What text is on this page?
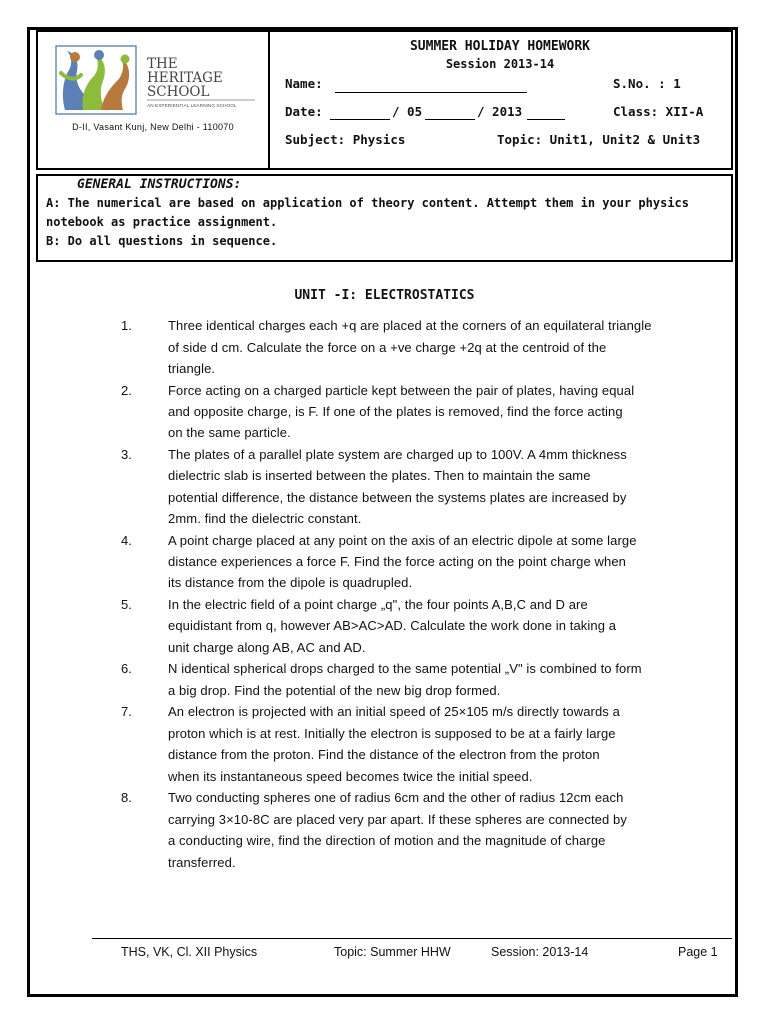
THE
HERITAGE
SCHOOL
AN EXPERIENTIAL LEARNING SCHOOL
D-II, Vasant Kunj, New Delhi - 110070
SUMMER HOLIDAY HOMEWORK
Session 2013-14
Name:	S.No. : 1
Date:	/ 05	/ 2013	Class: XII-A
Subject: Physics	Topic: Unit1, Unit2 & Unit3
GENERAL INSTRUCTIONS:
A: The numerical are based on application of theory content. Attempt them in your physics
notebook as practice assignment.
B: Do all questions in sequence.
UNIT -I: ELECTROSTATICS
1.	Three identical charges each +q are placed at the corners of an equilateral triangle
of side d cm. Calculate the force on a +ve charge +2q at the centroid of the
triangle.
2.	Force acting on a charged particle kept between the pair of plates, having equal
and opposite charge, is F. If one of the plates is removed, find the force acting
on the same particle.
3.	The plates of a parallel plate system are charged up to 100V. A 4mm thickness
dielectric slab is inserted between the plates. Then to maintain the same
potential difference, the distance between the systems plates are increased by
2mm. find the dielectric constant.
4.	A point charge placed at any point on the axis of an electric dipole at some large
distance experiences a force F. Find the force acting on the point charge when
its distance from the dipole is quadrupled.
5.	In the electric field of a point charge „q", the four points A,B,C and D are
equidistant from q, however AB>AC>AD. Calculate the work done in taking a
unit charge along AB, AC and AD.
6.	N identical spherical drops charged to the same potential „V" is combined to form
a big drop. Find the potential of the new big drop formed.
7.	An electron is projected with an initial speed of 25×105 m/s directly towards a
proton which is at rest. Initially the electron is supposed to be at a fairly large
distance from the proton. Find the distance of the electron from the proton
when its instantaneous speed becomes twice the initial speed.
8.	Two conducting spheres one of radius 6cm and the other of radius 12cm each
carrying 3×10-8C are placed very par apart. If these spheres are connected by
a conducting wire, find the direction of motion and the magnitude of charge
transferred.
THS, VK, Cl. XII Physics	Topic: Summer HHW	Session: 2013-14	Page 1
